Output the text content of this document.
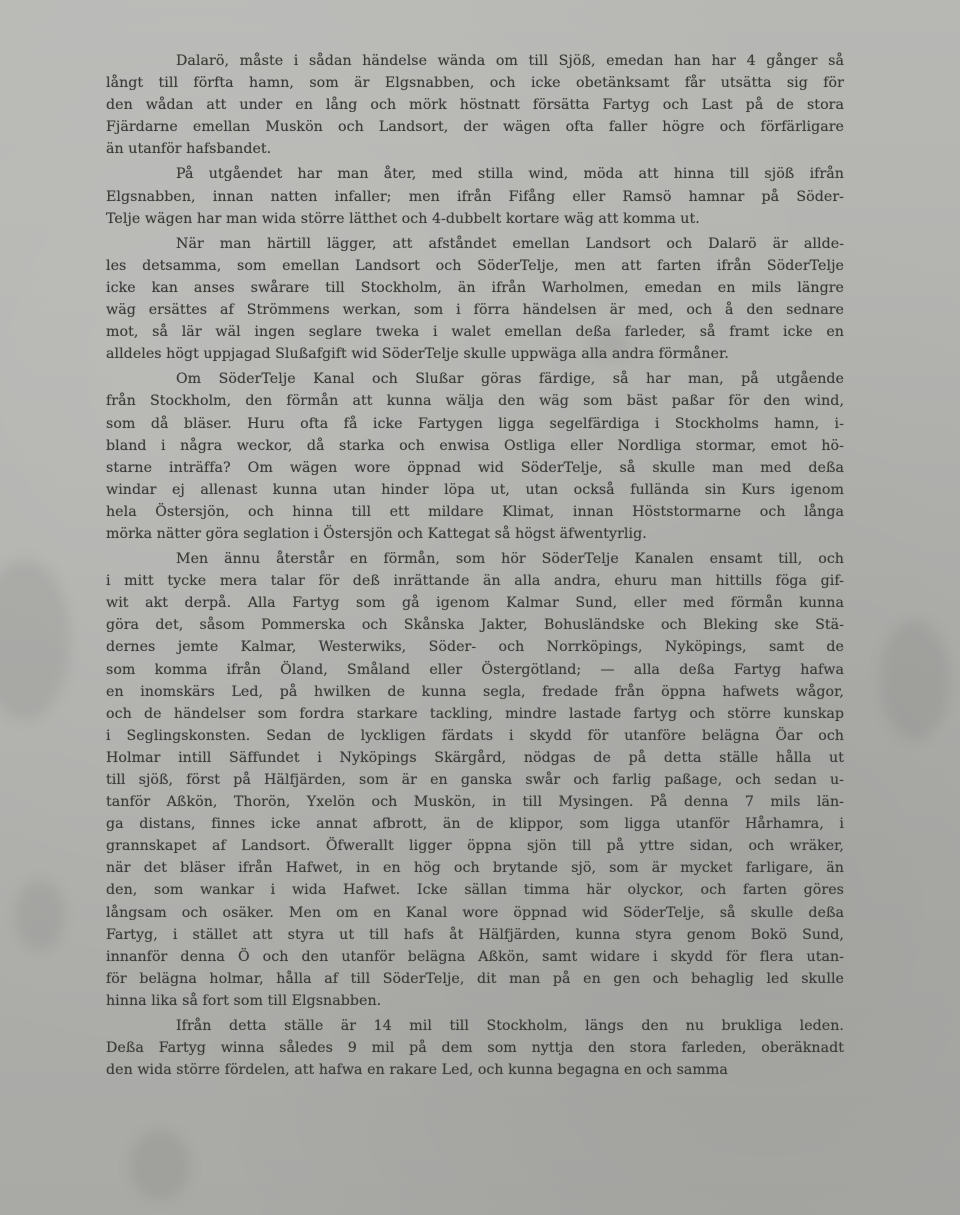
Dalarö, måste i sådan händelse wända om till Sjöß, emedan han har 4 gånger så
långt till förfta hamn, som är Elgsnabben, och icke obetänksamt får utsätta sig för
den wådan att under en lång och mörk höstnatt försätta Fartyg och Last på de stora
Fjärdarne emellan Muskön och Landsort, der wägen ofta faller högre och förfärligare
än utanför hafsbandet.
På utgåendet har man åter, med stilla wind, möda att hinna till sjöß ifrån
Elgsnabben, innan natten infaller; men ifrån Fifång eller Ramsö hamnar på Söder-
Telje wägen har man wida större lätthet och 4-dubbelt kortare wäg att komma ut.
När man härtill lägger, att afståndet emellan Landsort och Dalarö är allde-
les detsamma, som emellan Landsort och SöderTelje, men att farten ifrån SöderTelje
icke kan anses swårare till Stockholm, än ifrån Warholmen, emedan en mils längre
wäg ersättes af Strömmens werkan, som i förra händelsen är med, och å den sednare
mot, så lär wäl ingen seglare twekа i walet emellan deßa farleder, så framt icke en
alldeles högt uppjagad Slußafgift wid SöderTelje skulle uppwäga alla andra förmåner.
Om SöderTelje Kanal och Slußar göras färdige, så har man, på utgående
från Stockholm, den förmån att kunna wälja den wäg som bäst paßar för den wind,
som då bläser. Huru ofta få icke Fartygen ligga segelfärdiga i Stockholms hamn, i-
bland i några weckor, då starka och enwisa Ostliga eller Nordliga stormar, emot hö-
starne inträffa? Om wägen wore öppnad wid SöderTelje, så skulle man med deßa
windar ej allenast kunna utan hinder löpa ut, utan också fullända sin Kurs igenom
hela Östersjön, och hinna till ett mildare Klimat, innan Höststormarne och långa
mörka nätter göra seglation i Östersjön och Kattegat så högst äfwentyrlig.
Men ännu återstår en förmån, som hör SöderTelje Kanalen ensamt till, och
i mitt tycke mera talar för deß inrättande än alla andra, ehuru man hittills föga gif-
wit akt derpå. Alla Fartyg som gå igenom Kalmar Sund, eller med förmån kunna
göra det, såsom Pommerska och Skånska Jakter, Bohusländske och Bleking ske Stä-
dernes jemte Kalmar, Westerwiks, Söder- och Norrköpings, Nyköpings, samt de
som komma ifrån Öland, Småland eller Östergötland; — alla deßa Fartyg hafwa
en inomskärs Led, på hwilken de kunna segla, fredade från öppna hafwets wågor,
och de händelser som fordra starkare tackling, mindre lastade fartyg och större kunskap
i Seglingskonsten. Sedan de lyckligen färdats i skydd för utanföre belägna Öar och
Holmar intill Säffundet i Nyköpings Skärgård, nödgas de på detta ställe hålla ut
till sjöß, först på Hälfjärden, som är en ganska swår och farlig paßage, och sedan u-
tanför Aßkön, Thorön, Yxelön och Muskön, in till Mysingen. På denna 7 mils län-
ga distans, finnes icke annat afbrott, än de klippor, som ligga utanför Hårhamra, i
grannskapet af Landsort. Öfwerallt ligger öppna sjön till på yttre sidan, och wräker,
när det bläser ifrån Hafwet, in en hög och brytande sjö, som är mycket farligare, än
den, som wankar i wida Hafwet. Icke sällan timma här olyckor, och farten göres
långsam och osäker. Men om en Kanal wore öppnad wid SöderTelje, så skulle deßa
Fartyg, i stället att styra ut till hafs åt Hälfjärden, kunna styra genom Bokö Sund,
innanför denna Ö och den utanför belägna Aßkön, samt widare i skydd för flera utan-
för belägna holmar, hålla af till SöderTelje, dit man på en gen och behaglig led skulle
hinna lika så fort som till Elgsnabben.
Ifrån detta ställe är 14 mil till Stockholm, längs den nu brukliga leden.
Deßa Fartyg winna således 9 mil på dem som nyttja den stora farleden, oberäknadt
den wida större fördelen, att hafwa en rakare Led, och kunna begagna en och samma
